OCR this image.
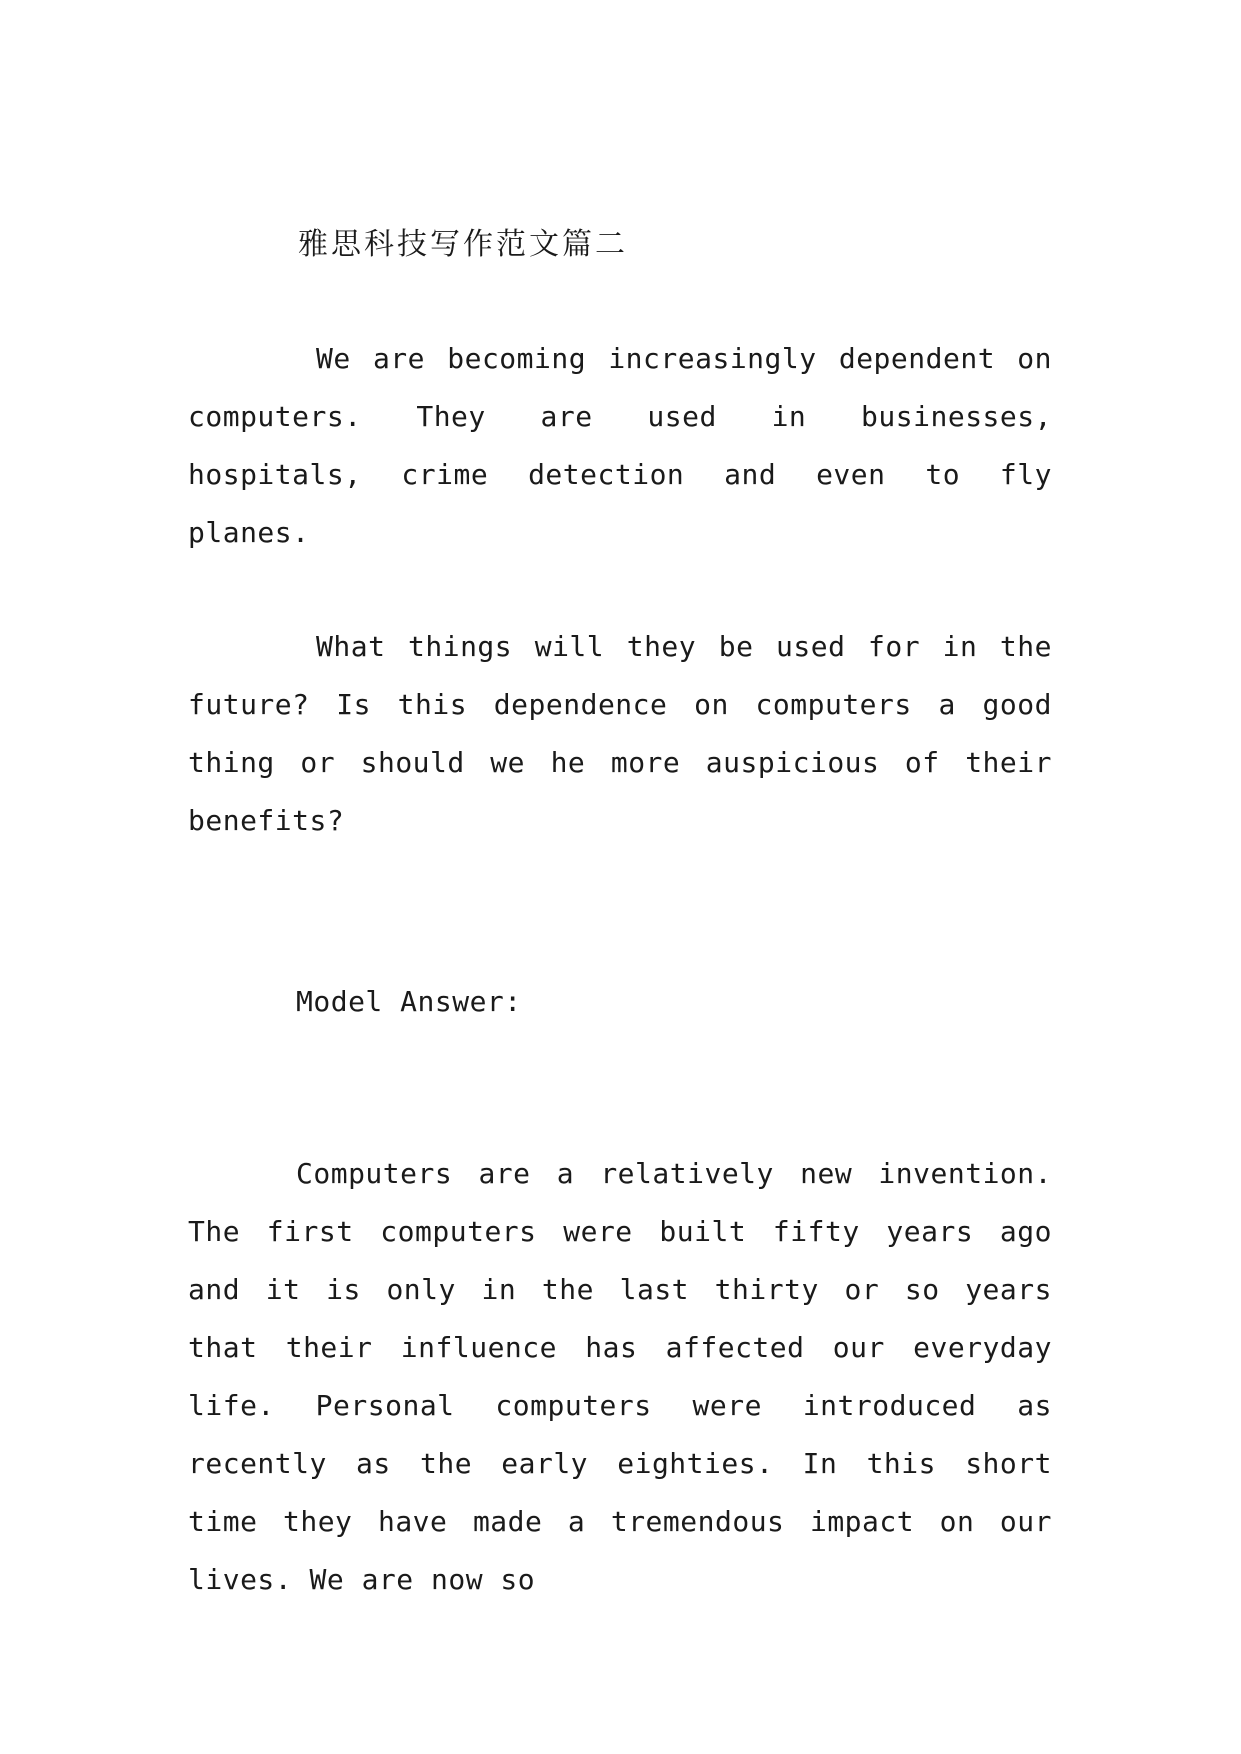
雅思科技写作范文篇二

We are becoming increasingly dependent on computers. They are used in businesses, hospitals, crime detection and even to fly planes.

What things will they be used for in the future? Is this dependence on computers a good thing or should we he more auspicious of their benefits?

Model Answer:

Computers are a relatively new invention. The first computers were built fifty years ago and it is only in the last thirty or so years that their influence has affected our everyday life. Personal computers were introduced as recently as the early eighties. In this short time they have made a tremendous impact on our lives. We are now so
